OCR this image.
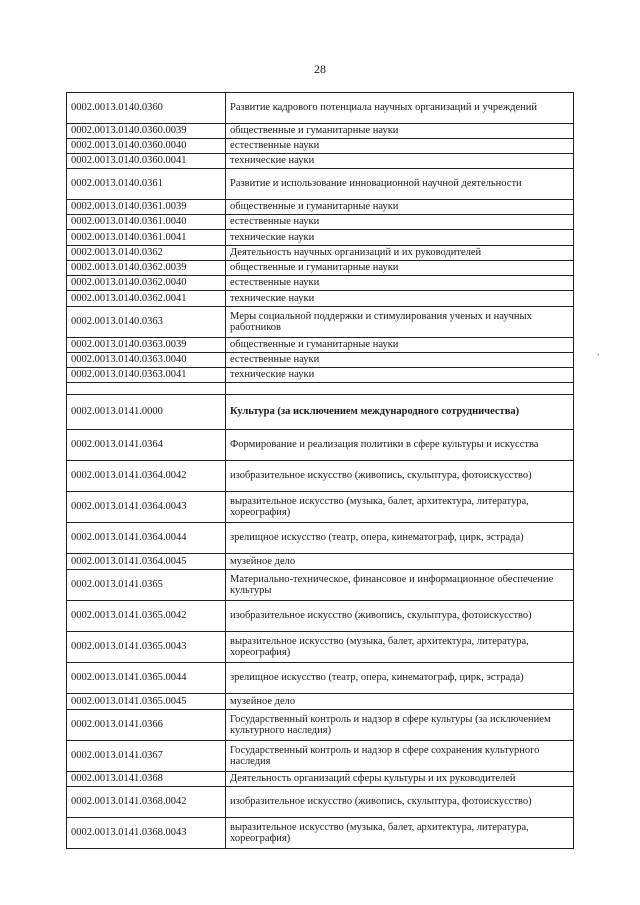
28
‘
0002.0013.0140.0360	Развитие кадрового потенциала научных организаций и учреждений
0002.0013.0140.0360.0039	общественные и гуманитарные науки
0002.0013.0140.0360.0040	естественные науки
0002.0013.0140.0360.0041	технические науки
0002.0013.0140.0361	Развитие и использование инновационной научной деятельности
0002.0013.0140.0361.0039	общественные и гуманитарные науки
0002.0013.0140.0361.0040	естественные науки
0002.0013.0140.0361.0041	технические науки
0002.0013.0140.0362	Деятельность научных организаций и их руководителей
0002.0013.0140.0362.0039	общественные и гуманитарные науки
0002.0013.0140.0362.0040	естественные науки
0002.0013.0140.0362.0041	технические науки
0002.0013.0140.0363	Меры социальной поддержки и стимулирования ученых и научных работников
0002.0013.0140.0363.0039	общественные и гуманитарные науки
0002.0013.0140.0363.0040	естественные науки
0002.0013.0140.0363.0041	технические науки

0002.0013.0141.0000	Культура (за исключением международного сотрудничества)
0002.0013.0141.0364	Формирование и реализация политики в сфере культуры и искусства
0002.0013.0141.0364.0042	изобразительное искусство (живопись, скульптура, фотоискусство)
0002.0013.0141.0364.0043	выразительное искусство (музыка, балет, архитектура, литература, хореография)
0002.0013.0141.0364.0044	зрелищное искусство (театр, опера, кинематограф, цирк, эстрада)
0002.0013.0141.0364.0045	музейное дело
0002.0013.0141.0365	Материально-техническое, финансовое и информационное обеспечение культуры
0002.0013.0141.0365.0042	изобразительное искусство (живопись, скульптура, фотоискусство)
0002.0013.0141.0365.0043	выразительное искусство (музыка, балет, архитектура, литература, хореография)
0002.0013.0141.0365.0044	зрелищное искусство (театр, опера, кинематограф, цирк, эстрада)
0002.0013.0141.0365.0045	музейное дело
0002.0013.0141.0366	Государственный контроль и надзор в сфере культуры (за исключением культурного наследия)
0002.0013.0141.0367	Государственный контроль и надзор в сфере сохранения культурного наследия
0002.0013.0141.0368	Деятельность организаций сферы культуры и их руководителей
0002.0013.0141.0368.0042	изобразительное искусство (живопись, скульптура, фотоискусство)
0002.0013.0141.0368.0043	выразительное искусство (музыка, балет, архитектура, литература, хореография)
